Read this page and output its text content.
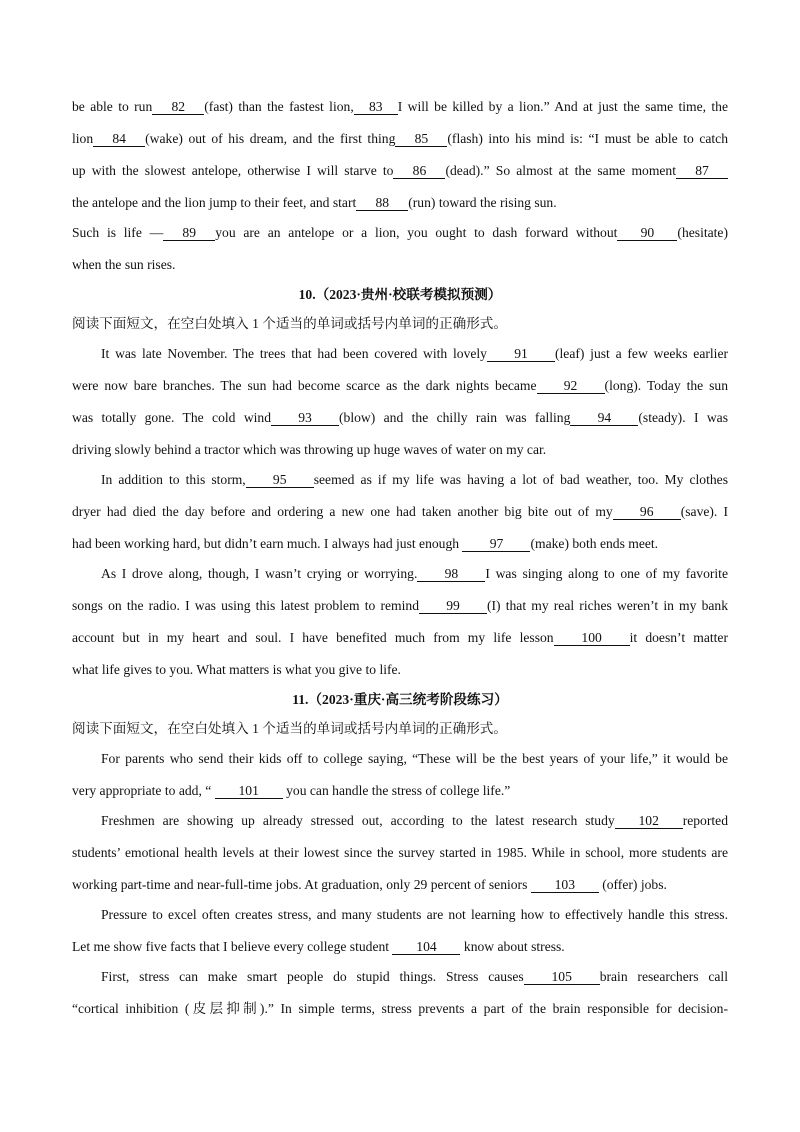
be able to run 82 (fast) than the fastest lion, 83 I will be killed by a lion.” And at just the same time, the
lion 84 (wake) out of his dream, and the first thing 85 (flash) into his mind is: “I must be able to catch
up with the slowest antelope, otherwise I will starve to 86 (dead).” So almost at the same moment 87
the antelope and the lion jump to their feet, and start 88 (run) toward the rising sun.
Such is life — 89 you are an antelope or a lion, you ought to dash forward without 90 (hesitate)
when the sun rises.
10.（2023·贵州·校联考模拟预测）
阅读下面短文，在空白处填入 1 个适当的单词或括号内单词的正确形式。
It was late November. The trees that had been covered with lovely 91 (leaf) just a few weeks earlier
were now bare branches. The sun had become scarce as the dark nights became 92 (long). Today the sun
was totally gone. The cold wind 93 (blow) and the chilly rain was falling 94 (steady). I was
driving slowly behind a tractor which was throwing up huge waves of water on my car.
In addition to this storm, 95 seemed as if my life was having a lot of bad weather, too. My clothes
dryer had died the day before and ordering a new one had taken another big bite out of my 96 (save). I
had been working hard, but didn’t earn much. I always had just enough 97 (make) both ends meet.
As I drove along, though, I wasn’t crying or worrying. 98 I was singing along to one of my favorite
songs on the radio. I was using this latest problem to remind 99 (I) that my real riches weren’t in my bank
account but in my heart and soul. I have benefited much from my life lesson 100 it doesn’t matter
what life gives to you. What matters is what you give to life.
11.（2023·重庆·高三统考阶段练习）
阅读下面短文，在空白处填入 1 个适当的单词或括号内单词的正确形式。
For parents who send their kids off to college saying, “These will be the best years of your life,” it would be
very appropriate to add, “ 101 you can handle the stress of college life.”
Freshmen are showing up already stressed out, according to the latest research study 102 reported
students’ emotional health levels at their lowest since the survey started in 1985. While in school, more students are
working part-time and near-full-time jobs. At graduation, only 29 percent of seniors 103 (offer) jobs.
Pressure to excel often creates stress, and many students are not learning how to effectively handle this stress.
Let me show five facts that I believe every college student 104 know about stress.
First, stress can make smart people do stupid things. Stress causes 105 brain researchers call
“cortical inhibition (皮层抑制).” In simple terms, stress prevents a part of the brain responsible for decision-
